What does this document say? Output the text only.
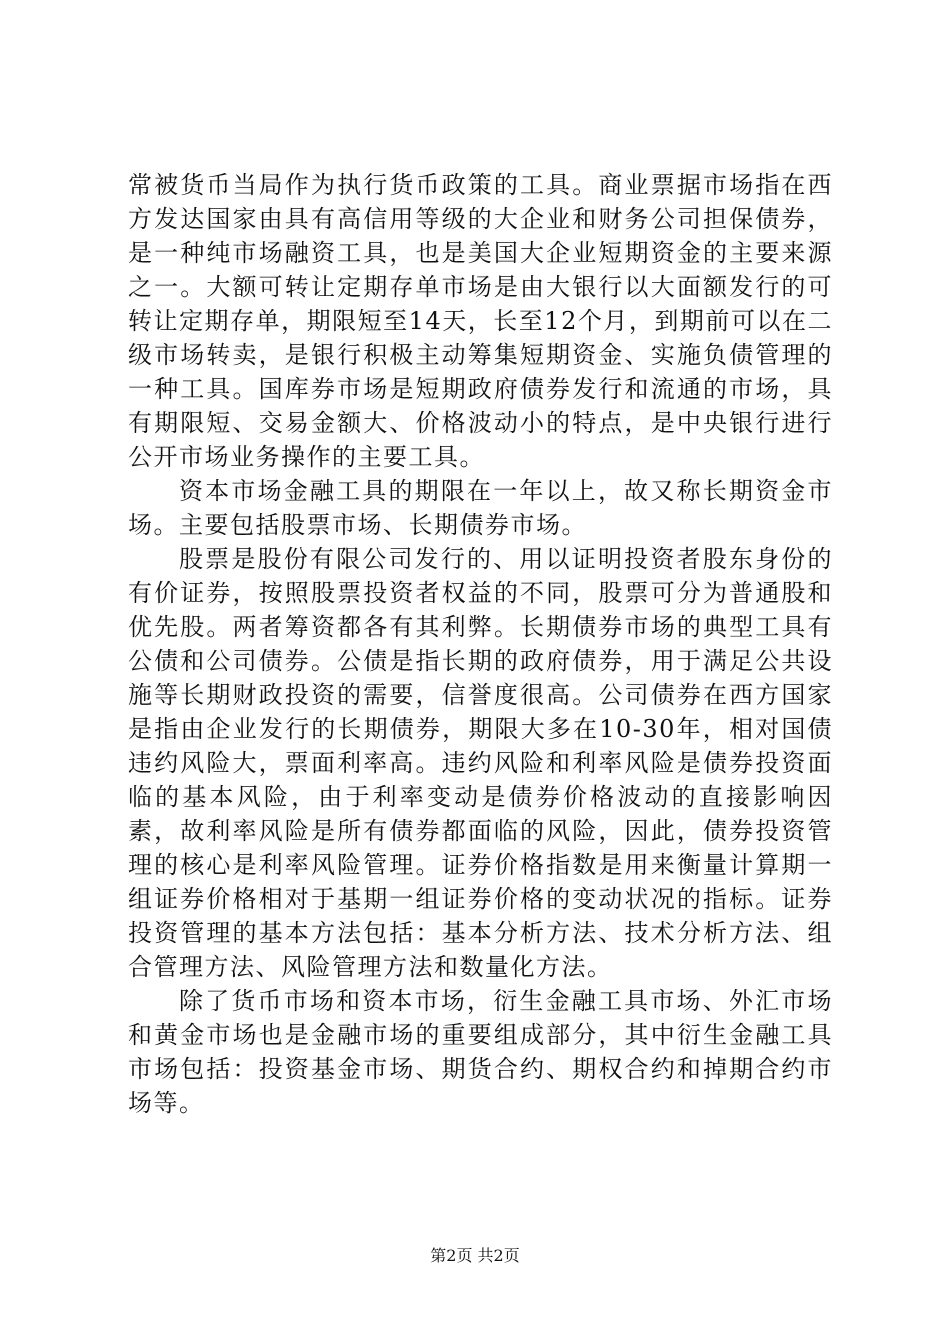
常被货币当局作为执行货币政策的工具。商业票据市场指在西方发达国家由具有高信用等级的大企业和财务公司担保债券，是一种纯市场融资工具，也是美国大企业短期资金的主要来源之一。大额可转让定期存单市场是由大银行以大面额发行的可转让定期存单，期限短至14天，长至12个月，到期前可以在二级市场转卖，是银行积极主动筹集短期资金、实施负债管理的一种工具。国库券市场是短期政府债券发行和流通的市场，具有期限短、交易金额大、价格波动小的特点，是中央银行进行公开市场业务操作的主要工具。

资本市场金融工具的期限在一年以上，故又称长期资金市场。主要包括股票市场、长期债券市场。

股票是股份有限公司发行的、用以证明投资者股东身份的有价证券，按照股票投资者权益的不同，股票可分为普通股和优先股。两者筹资都各有其利弊。长期债券市场的典型工具有公债和公司债券。公债是指长期的政府债券，用于满足公共设施等长期财政投资的需要，信誉度很高。公司债券在西方国家是指由企业发行的长期债券，期限大多在10-30年，相对国债违约风险大，票面利率高。违约风险和利率风险是债券投资面临的基本风险，由于利率变动是债券价格波动的直接影响因素，故利率风险是所有债券都面临的风险，因此，债券投资管理的核心是利率风险管理。证券价格指数是用来衡量计算期一组证券价格相对于基期一组证券价格的变动状况的指标。证券投资管理的基本方法包括：基本分析方法、技术分析方法、组合管理方法、风险管理方法和数量化方法。

除了货币市场和资本市场，衍生金融工具市场、外汇市场和黄金市场也是金融市场的重要组成部分，其中衍生金融工具市场包括：投资基金市场、期货合约、期权合约和掉期合约市场等。

第2页 共2页
